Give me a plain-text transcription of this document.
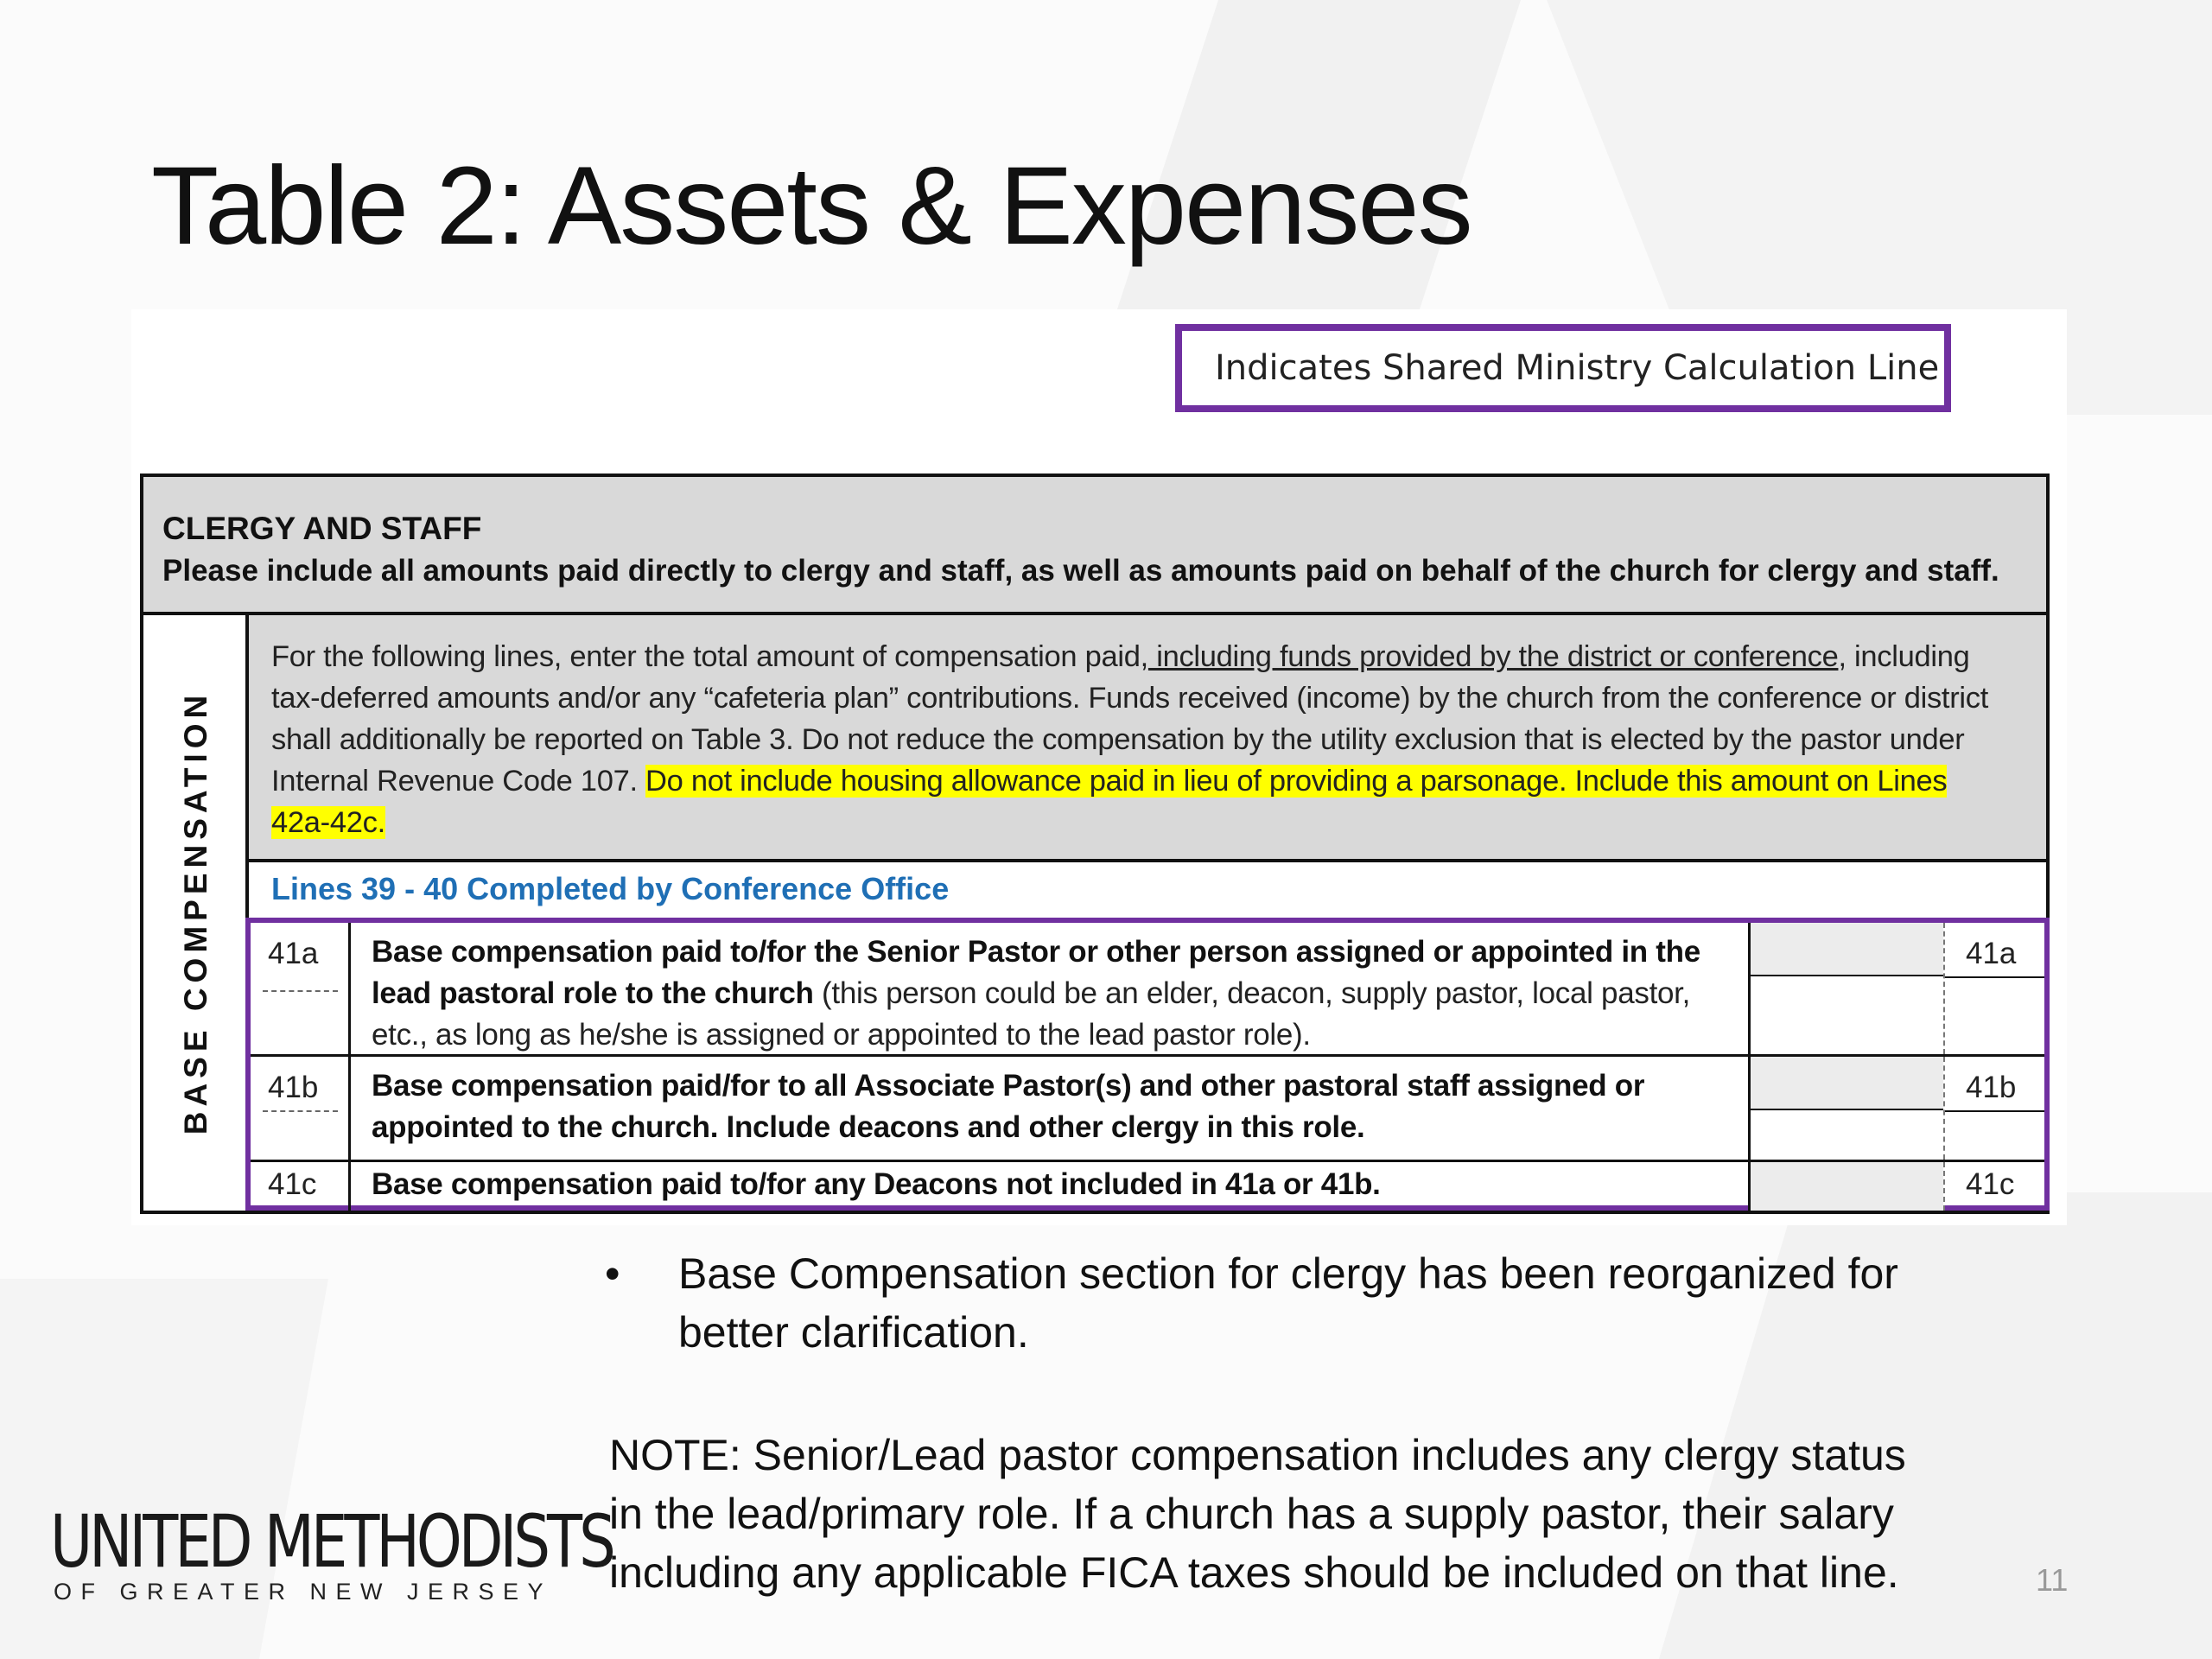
Table 2: Assets & Expenses
Indicates Shared Ministry Calculation Line
CLERGY AND STAFF
Please include all amounts paid directly to clergy and staff, as well as amounts paid on behalf of the church for clergy and staff.
BASE COMPENSATION
For the following lines, enter the total amount of compensation paid, including funds provided by the district or conference, including
tax-deferred amounts and/or any “cafeteria plan” contributions. Funds received (income) by the church from the conference or district
shall additionally be reported on Table 3. Do not reduce the compensation by the utility exclusion that is elected by the pastor under
Internal Revenue Code 107. Do not include housing allowance paid in lieu of providing a parsonage. Include this amount on Lines
42a-42c.
Lines 39 - 40 Completed by Conference Office
41a	Base compensation paid to/for the Senior Pastor or other person assigned or appointed in the
lead pastoral role to the church (this person could be an elder, deacon, supply pastor, local pastor,
etc., as long as he/she is assigned or appointed to the lead pastor role).
41a
41b	Base compensation paid/for to all Associate Pastor(s) and other pastoral staff assigned or
appointed to the church. Include deacons and other clergy in this role.
41b
41c	Base compensation paid to/for any Deacons not included in 41a or 41b.	41c
• Base Compensation section for clergy has been reorganized for
better clarification.
NOTE: Senior/Lead pastor compensation includes any clergy status
in the lead/primary role. If a church has a supply pastor, their salary
including any applicable FICA taxes should be included on that line.
UNITED METHODISTS
OF GREATER NEW JERSEY	11
